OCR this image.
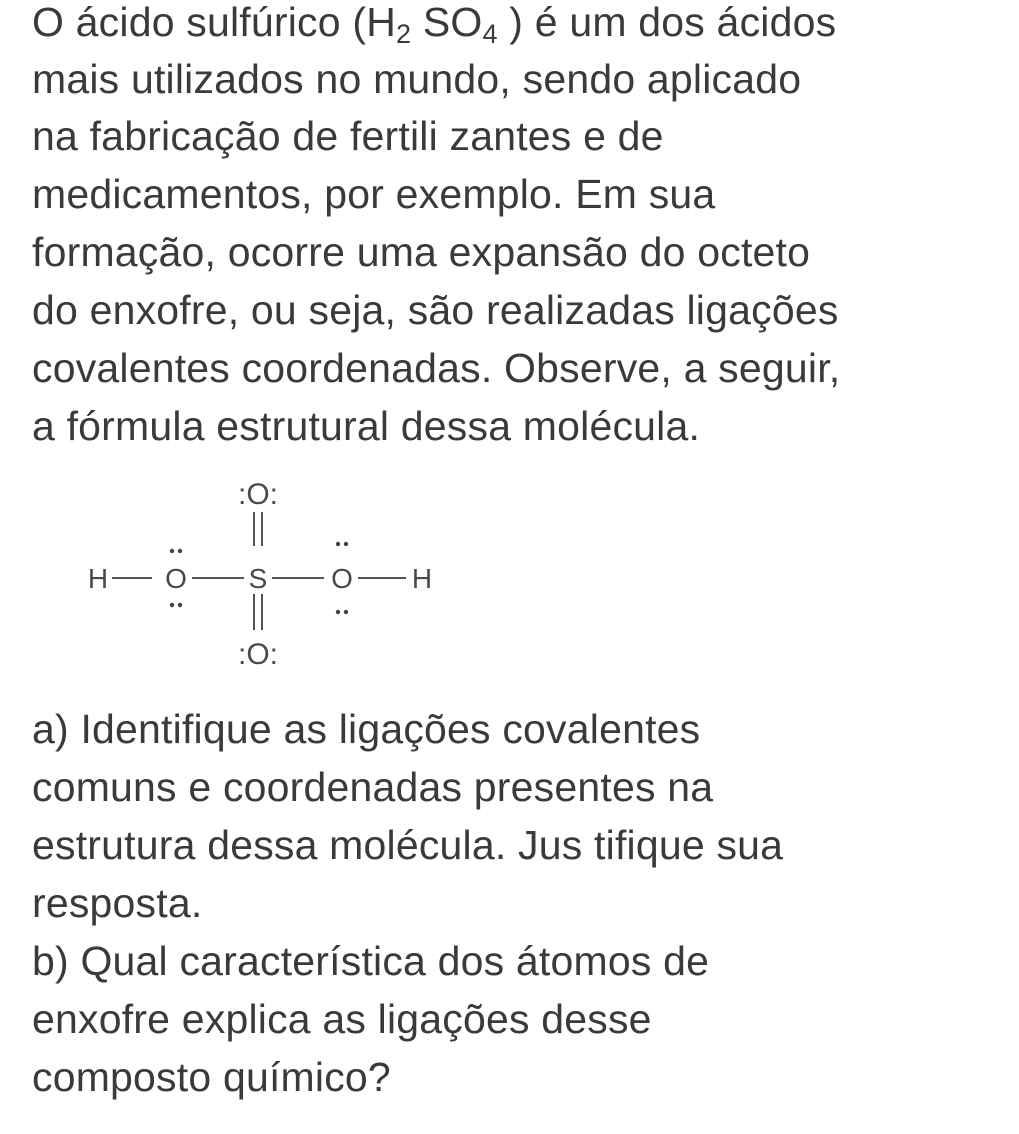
O ácido sulfúrico ($H_2$ $SO_4$ ) é um dos ácidos
mais utilizados no mundo, sendo aplicado
na fabricação de fertili zantes e de
medicamentos, por exemplo. Em sua
formação, ocorre uma expansão do octeto
do enxofre, ou seja, são realizadas ligações
covalentes coordenadas. Observe, a seguir,
a fórmula estrutural dessa molécula.
:O:
H O S O H
:O:
a) Identifique as ligações covalentes
comuns e coordenadas presentes na
estrutura dessa molécula. Jus tifique sua
resposta.
b) Qual característica dos átomos de
enxofre explica as ligações desse
composto químico?
